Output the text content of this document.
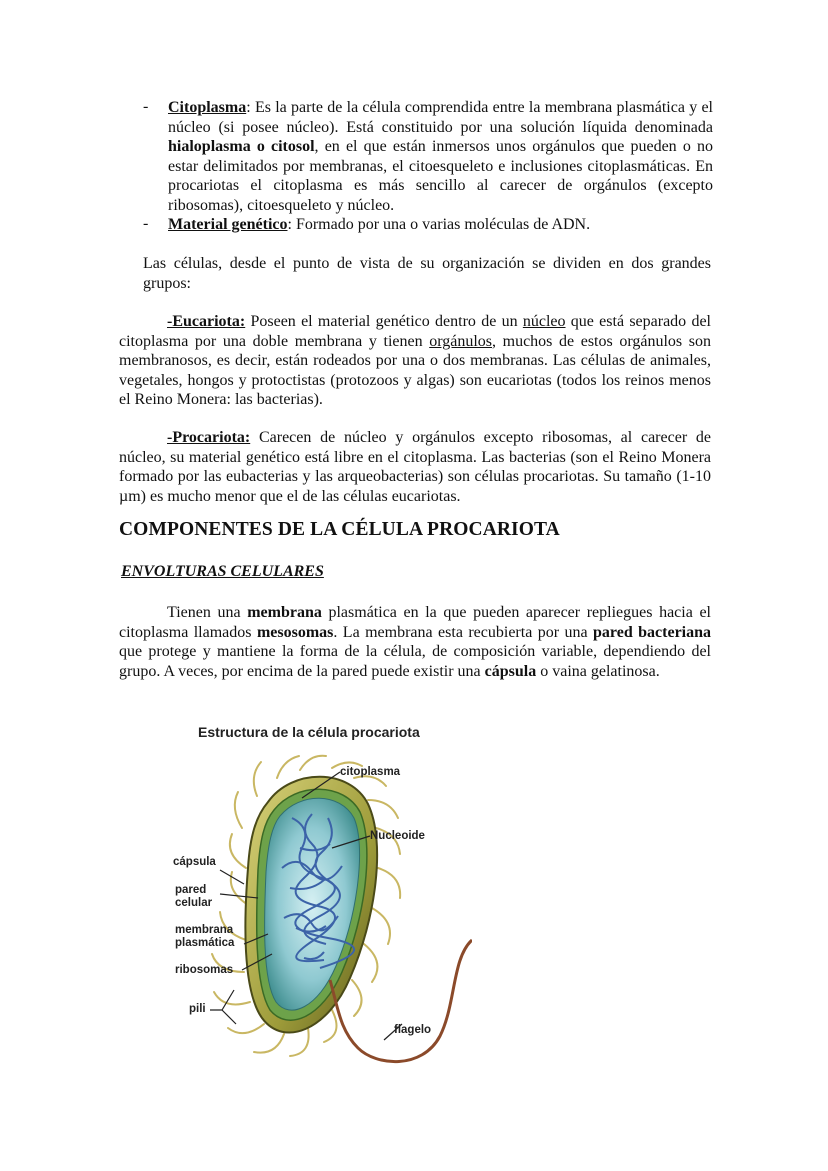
- Citoplasma: Es la parte de la célula comprendida entre la membrana plasmática y el núcleo (si posee núcleo). Está constituido por una solución líquida denominada hialoplasma o citosol, en el que están inmersos unos orgánulos que pueden o no estar delimitados por membranas, el citoesqueleto e inclusiones citoplasmáticas. En procariotas el citoplasma es más sencillo al carecer de orgánulos (excepto ribosomas), citoesqueleto y núcleo.
- Material genético: Formado por una o varias moléculas de ADN.
Las células, desde el punto de vista de su organización se dividen en dos grandes grupos:
-Eucariota: Poseen el material genético dentro de un núcleo que está separado del citoplasma por una doble membrana y tienen orgánulos, muchos de estos orgánulos son membranosos, es decir, están rodeados por una o dos membranas. Las células de animales, vegetales, hongos y protoctistas (protozoos y algas) son eucariotas (todos los reinos menos el Reino Monera: las bacterias).
-Procariota: Carecen de núcleo y orgánulos excepto ribosomas, al carecer de núcleo, su material genético está libre en el citoplasma. Las bacterias (son el Reino Monera formado por las eubacterias y las arqueobacterias) son células procariotas. Su tamaño (1-10 µm) es mucho menor que el de las células eucariotas.
COMPONENTES DE LA CÉLULA PROCARIOTA
ENVOLTURAS CELULARES
Tienen una membrana plasmática en la que pueden aparecer repliegues hacia el citoplasma llamados mesosomas. La membrana esta recubierta por una pared bacteriana que protege y mantiene la forma de la célula, de composición variable, dependiendo del grupo. A veces, por encima de la pared puede existir una cápsula o vaina gelatinosa.
Estructura de la célula procariota
citoplasma
Nucleoide
cápsula
pared
celular
membrana
plasmática
ribosomas
pili
flagelo
